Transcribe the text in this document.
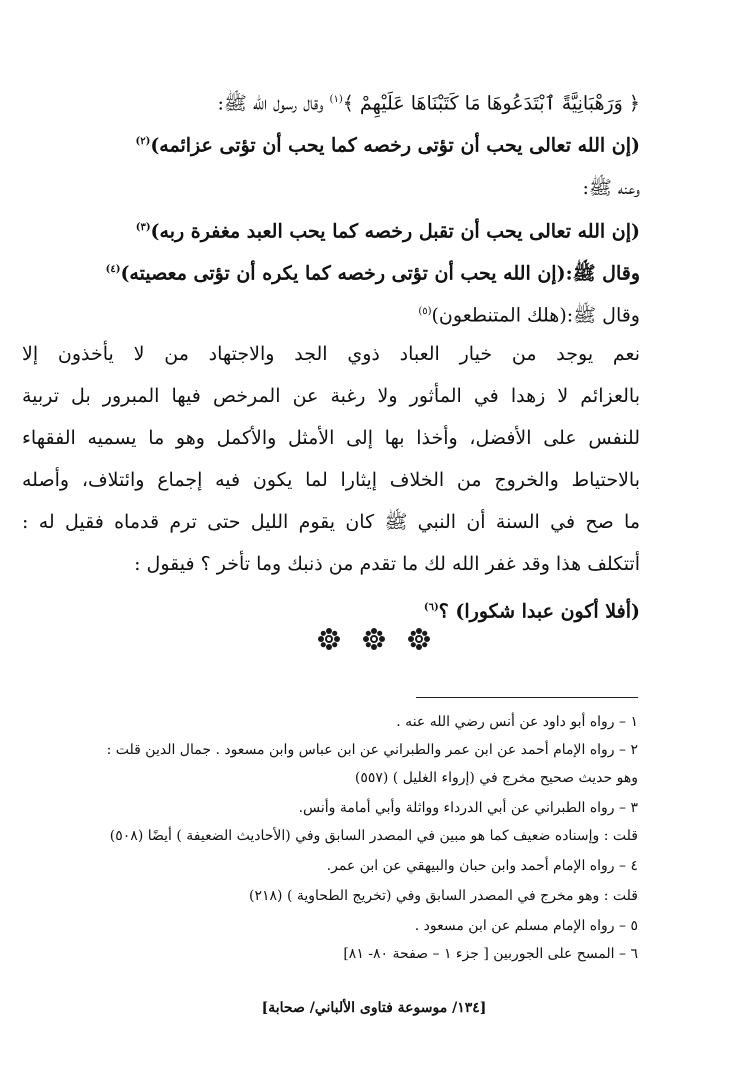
﴿ وَرَهْبَانِيَّةً ٱبْتَدَعُوهَا مَا كَتَبْنَاهَا عَلَيْهِمْ ﴾$^{(١)}$ وقال رسول الله ﷺ:
(إن الله تعالى يحب أن تؤتى رخصه كما يحب أن تؤتى عزائمه)$^{(٢)}$
وعنه ﷺ:
(إن الله تعالى يحب أن تقبل رخصه كما يحب العبد مغفرة ربه)$^{(٣)}$
وقال ﷺ:(إن الله يحب أن تؤتى رخصه كما يكره أن تؤتى معصيته)$^{(٤)}$
وقال ﷺ:(هلك المتنطعون)$^{(٥)}$
نعم يوجد من خيار العباد ذوي الجد والاجتهاد من لا يأخذون إلا
بالعزائم لا زهدا في المأثور ولا رغبة عن المرخص فيها المبرور بل تربية
للنفس على الأفضل، وأخذا بها إلى الأمثل والأكمل وهو ما يسميه الفقهاء
بالاحتياط والخروج من الخلاف إيثارا لما يكون فيه إجماع وائتلاف، وأصله
ما صح في السنة أن النبي ﷺ كان يقوم الليل حتى ترم قدماه فقيل له :
أتتكلف هذا وقد غفر الله لك ما تقدم من ذنبك وما تأخر ؟ فيقول :
(أفلا أكون عبدا شكورا) ؟$^{(٦)}$

١ – رواه أبو داود عن أنس رضي الله عنه .
٢ – رواه الإمام أحمد عن ابن عمر والطبراني عن ابن عباس وابن مسعود . جمال الدين قلت :
وهو حديث صحيح مخرج في (إرواء الغليل ) (٥٥٧)
٣ – رواه الطبراني عن أبي الدرداء وواثلة وأبي أمامة وأنس.
قلت : وإسناده ضعيف كما هو مبين في المصدر السابق وفي (الأحاديث الضعيفة ) أيضًا (٥٠٨)
٤ – رواه الإمام أحمد وابن حبان والبيهقي عن ابن عمر.
قلت : وهو مخرج في المصدر السابق وفي (تخريج الطحاوية ) (٢١٨)
٥ – رواه الإمام مسلم عن ابن مسعود .
٦ – المسح على الجوربين [ جزء ١ – صفحة ٨٠- ٨١]
[١٣٤/ موسوعة فتاوى الألباني/ صحابة]
